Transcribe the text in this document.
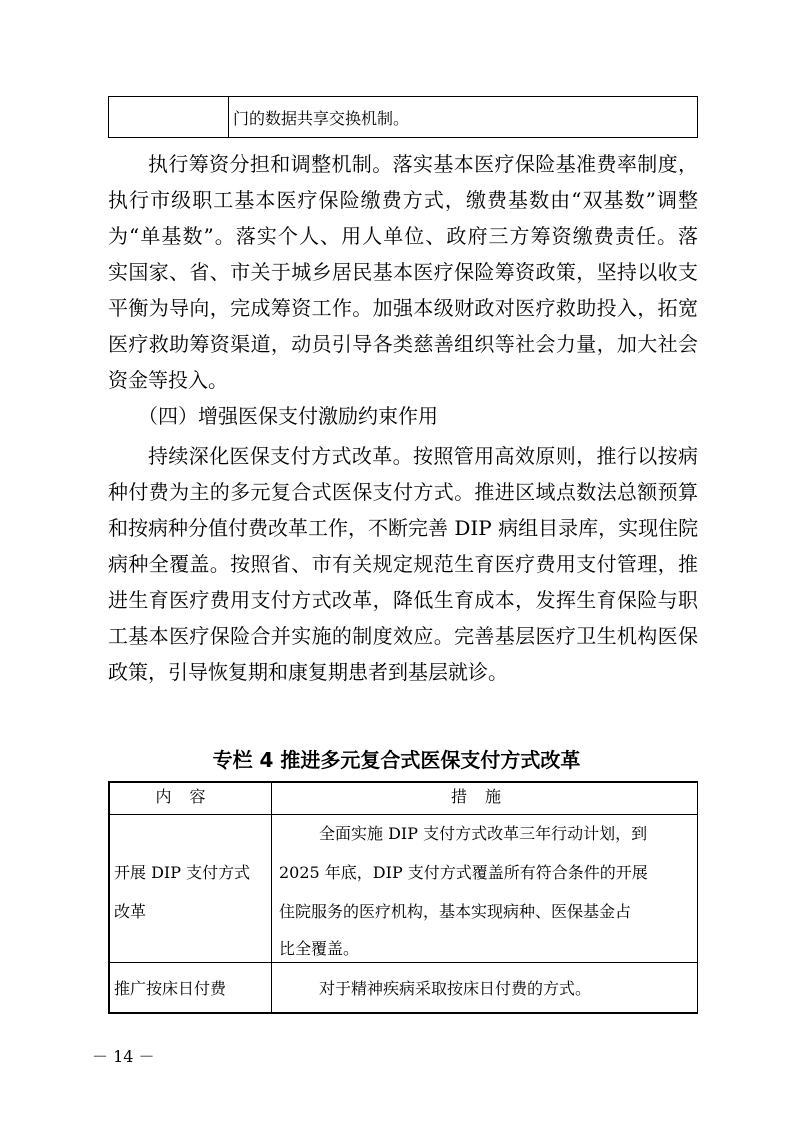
门的数据共享交换机制。
执行筹资分担和调整机制。落实基本医疗保险基准费率制度，
执行市级职工基本医疗保险缴费方式，缴费基数由“双基数”调整
为“单基数”。落实个人、用人单位、政府三方筹资缴费责任。落
实国家、省、市关于城乡居民基本医疗保险筹资政策，坚持以收支
平衡为导向，完成筹资工作。加强本级财政对医疗救助投入，拓宽
医疗救助筹资渠道，动员引导各类慈善组织等社会力量，加大社会
资金等投入。
（四）增强医保支付激励约束作用
持续深化医保支付方式改革。按照管用高效原则，推行以按病
种付费为主的多元复合式医保支付方式。推进区域点数法总额预算
和按病种分值付费改革工作，不断完善 DIP 病组目录库，实现住院
病种全覆盖。按照省、市有关规定规范生育医疗费用支付管理，推
进生育医疗费用支付方式改革，降低生育成本，发挥生育保险与职
工基本医疗保险合并实施的制度效应。完善基层医疗卫生机构医保
政策，引导恢复期和康复期患者到基层就诊。
专栏 4 推进多元复合式医保支付方式改革
内容	措施
开展 DIP 支付方式
改革
全面实施 DIP 支付方式改革三年行动计划，到
2025 年底，DIP 支付方式覆盖所有符合条件的开展
住院服务的医疗机构，基本实现病种、医保基金占
比全覆盖。
推广按床日付费	对于精神疾病采取按床日付费的方式。
－ 14 －
